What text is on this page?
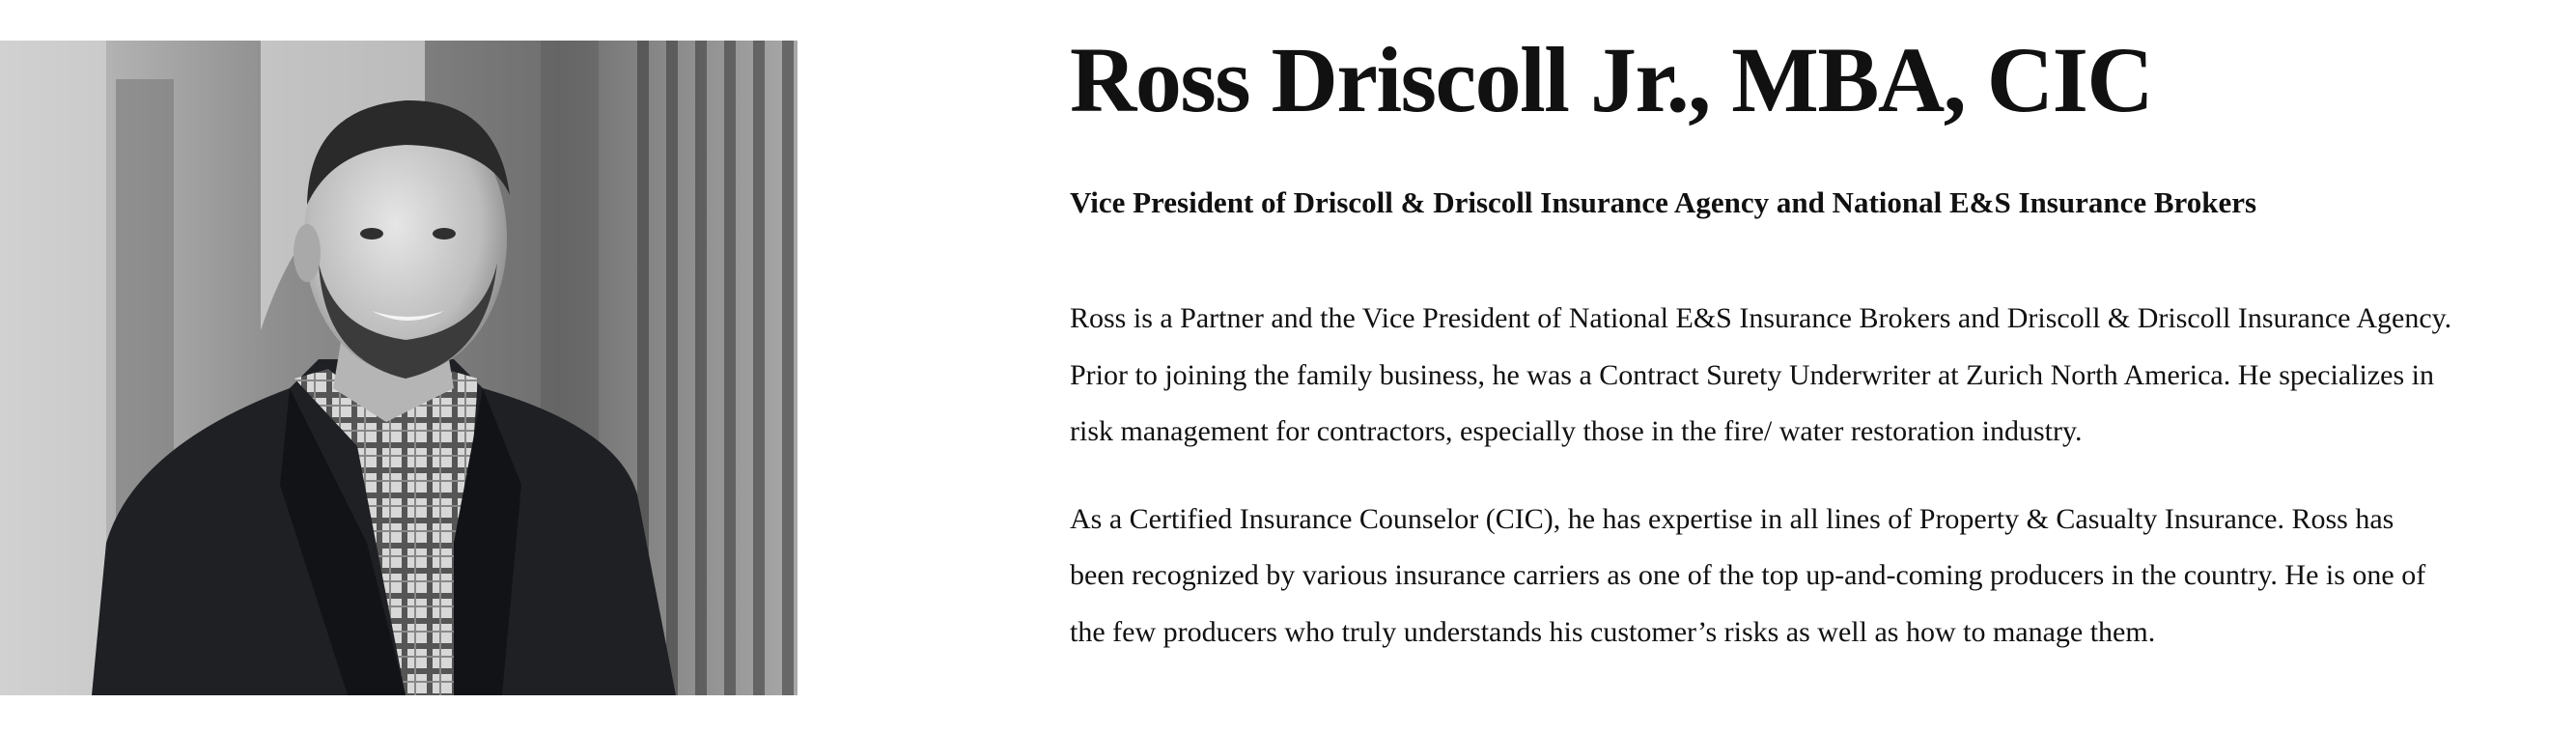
Ross Driscoll Jr., MBA, CIC
Vice President of Driscoll & Driscoll Insurance Agency and National E&S Insurance Brokers

Ross is a Partner and the Vice President of National E&S Insurance Brokers and Driscoll & Driscoll Insurance Agency.
Prior to joining the family business, he was a Contract Surety Underwriter at Zurich North America. He specializes in
risk management for contractors, especially those in the fire/ water restoration industry.

As a Certified Insurance Counselor (CIC), he has expertise in all lines of Property & Casualty Insurance. Ross has
been recognized by various insurance carriers as one of the top up-and-coming producers in the country. He is one of
the few producers who truly understands his customer’s risks as well as how to manage them.
